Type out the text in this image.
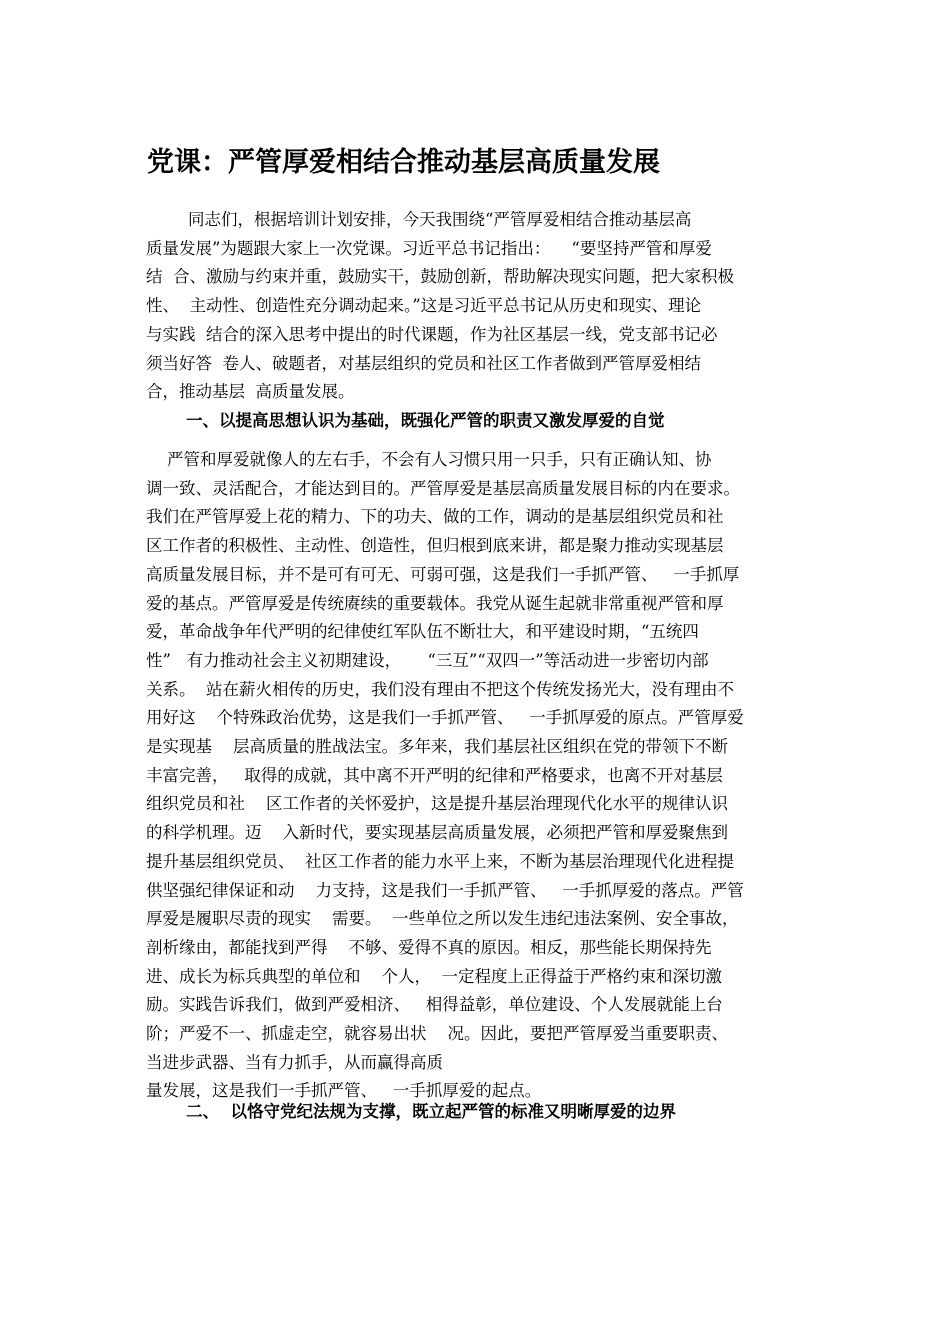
党课：严管厚爱相结合推动基层高质量发展
同志们，根据培训计划安排，今天我围绕“严管厚爱相结合推动基层高
质量发展”为题跟大家上一次党课。习近平总书记指出：    “要坚持严管和厚爱
结  合、激励与约束并重，鼓励实干，鼓励创新，帮助解决现实问题，把大家积极
性、  主动性、创造性充分调动起来。”这是习近平总书记从历史和现实、理论
与实践  结合的深入思考中提出的时代课题，作为社区基层一线，党支部书记必
须当好答  卷人、破题者，对基层组织的党员和社区工作者做到严管厚爱相结
合，推动基层  高质量发展。
一、以提高思想认识为基础，既强化严管的职责又激发厚爱的自觉
严管和厚爱就像人的左右手，不会有人习惯只用一只手，只有正确认知、协
调一致、灵活配合，才能达到目的。严管厚爱是基层高质量发展目标的内在要求。
我们在严管厚爱上花的精力、下的功夫、做的工作，调动的是基层组织党员和社
区工作者的积极性、主动性、创造性，但归根到底来讲，都是聚力推动实现基层
高质量发展目标，并不是可有可无、可弱可强，这是我们一手抓严管、   一手抓厚
爱的基点。严管厚爱是传统赓续的重要载体。我党从诞生起就非常重视严管和厚
爱，革命战争年代严明的纪律使红军队伍不断壮大，和平建设时期，“五统四
性”   有力推动社会主义初期建设，     “三互”“双四一”等活动进一步密切内部
关系。  站在薪火相传的历史，我们没有理由不把这个传统发扬光大，没有理由不
用好这    个特殊政治优势，这是我们一手抓严管、   一手抓厚爱的原点。严管厚爱
是实现基    层高质量的胜战法宝。多年来，我们基层社区组织在党的带领下不断
丰富完善，   取得的成就，其中离不开严明的纪律和严格要求，也离不开对基层
组织党员和社    区工作者的关怀爱护，这是提升基层治理现代化水平的规律认识
的科学机理。迈    入新时代，要实现基层高质量发展，必须把严管和厚爱聚焦到
提升基层组织党员、  社区工作者的能力水平上来，不断为基层治理现代化进程提
供坚强纪律保证和动    力支持，这是我们一手抓严管、   一手抓厚爱的落点。严管
厚爱是履职尽责的现实    需要。  一些单位之所以发生违纪违法案例、安全事故，
剖析缘由，都能找到严得    不够、爱得不真的原因。相反，那些能长期保持先
进、成长为标兵典型的单位和    个人，  一定程度上正得益于严格约束和深切激
励。实践告诉我们，做到严爱相济、   相得益彰，单位建设、个人发展就能上台
阶；严爱不一、抓虚走空，就容易出状    况。因此，要把严管厚爱当重要职责、
当进步武器、当有力抓手，从而赢得高质
量发展，这是我们一手抓严管、   一手抓厚爱的起点。
二、  以恪守党纪法规为支撑，既立起严管的标准又明晰厚爱的边界
